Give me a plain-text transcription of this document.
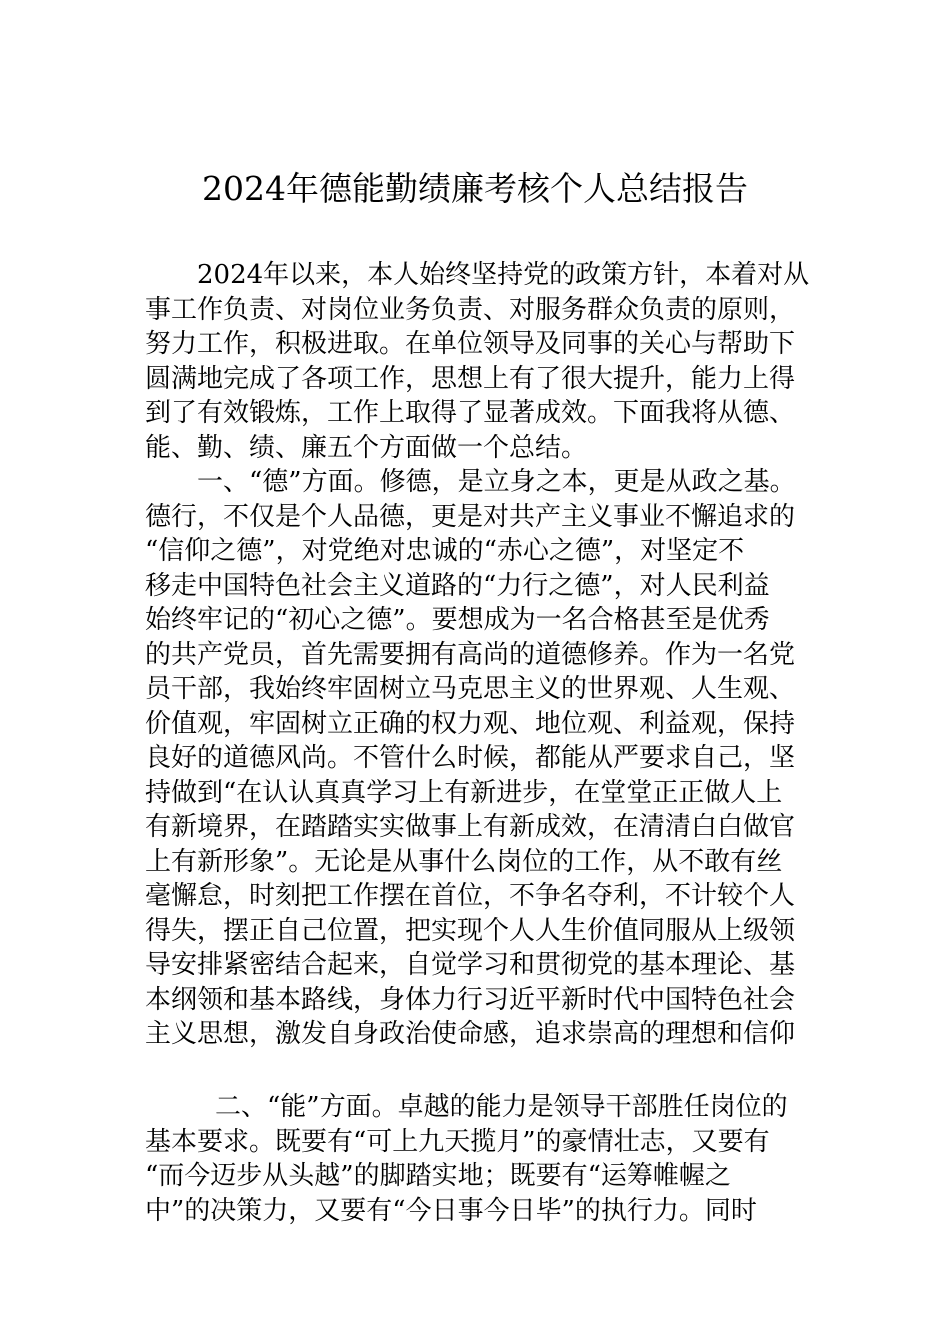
2024年德能勤绩廉考核个人总结报告
2024年以来，本人始终坚持党的政策方针，本着对从
事工作负责、对岗位业务负责、对服务群众负责的原则，
努力工作，积极进取。在单位领导及同事的关心与帮助下
圆满地完成了各项工作，思想上有了很大提升，能力上得
到了有效锻炼，工作上取得了显著成效。下面我将从德、
能、勤、绩、廉五个方面做一个总结。
一、“德”方面。修德，是立身之本，更是从政之基。
德行，不仅是个人品德，更是对共产主义事业不懈追求的
“信仰之德”，对党绝对忠诚的“赤心之德”，对坚定不
移走中国特色社会主义道路的“力行之德”，对人民利益
始终牢记的“初心之德”。要想成为一名合格甚至是优秀
的共产党员，首先需要拥有高尚的道德修养。作为一名党
员干部，我始终牢固树立马克思主义的世界观、人生观、
价值观，牢固树立正确的权力观、地位观、利益观，保持
良好的道德风尚。不管什么时候，都能从严要求自己，坚
持做到“在认认真真学习上有新进步，在堂堂正正做人上
有新境界，在踏踏实实做事上有新成效，在清清白白做官
上有新形象”。无论是从事什么岗位的工作，从不敢有丝
毫懈怠，时刻把工作摆在首位，不争名夺利，不计较个人
得失，摆正自己位置，把实现个人人生价值同服从上级领
导安排紧密结合起来，自觉学习和贯彻党的基本理论、基
本纲领和基本路线，身体力行习近平新时代中国特色社会
主义思想，激发自身政治使命感，追求崇高的理想和信仰
二、“能”方面。卓越的能力是领导干部胜任岗位的
基本要求。既要有“可上九天揽月”的豪情壮志，又要有
“而今迈步从头越”的脚踏实地；既要有“运筹帷幄之
中”的决策力，又要有“今日事今日毕”的执行力。同时
